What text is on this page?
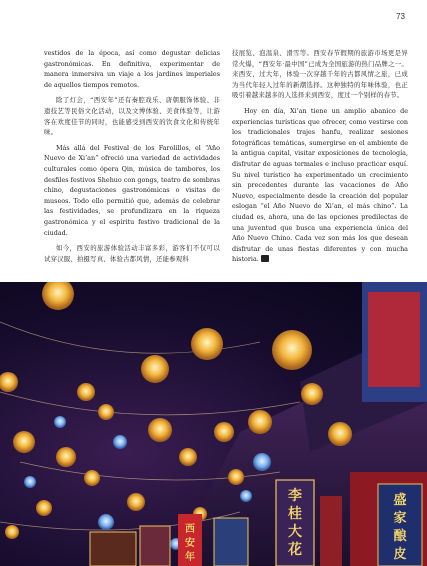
73

vestidos de la época, así como degustar delicias gastronómicas. En definitiva, experimentar de manera inmersiva un viaje a los jardines imperiales de aquellos tiempos remotos.

除了灯会，“西安年”还有秦腔戏乐、唐朝服饰体验、非遗技艺等民俗文化活动，以及文博体验、美食体验等，让游客在欢度佳节的同时，也能感受到西安的饮食文化和传统年味。

Más allá del Festival de los Farolillos, el “Año Nuevo de Xi’an” ofreció una variedad de actividades culturales como ópera Qin, música de tambores, los desfiles festivos Shehuo con gongs, teatro de sombras chino, degustaciones gastronómicas o visitas de museos. Todo ello permitió que, además de celebrar las festividades, se profundizara en la riqueza gastronómica y el espíritu festivo tradicional de la ciudad.

如今，西安的旅游体验活动丰富多彩，游客们不仅可以试穿汉服、拍摄写真、体验古都风情，还能参观科

技展览、泡温泉、滑雪等。西安春节假期的旅游市场更是异常火爆，“西安年·最中国”已成为全国旅游的热门品牌之一。来西安，过大年，体验一次穿越千年的古都风情之旅，已成为当代年轻人过年的新潮选择。这种独特的年味体验，也正吸引着越来越多的人选择来到西安，度过一个别样的春节。

Hoy en día, Xi’an tiene un amplio abanico de experiencias turísticas que ofrecer, como vestirse con los tradicionales trajes hanfu, realizar sesiones fotográficas temáticas, sumergirse en el ambiente de la antigua capital, visitar exposiciones de tecnología, disfrutar de aguas termales e incluso practicar esquí. Su nivel turístico ha experimentado un crecimiento sin precedentes durante las vacaciones de Año Nuevo, especialmente desde la creación del popular eslogan “el Año Nuevo de Xi’an, el más chino”. La ciudad es, ahora, una de las opciones predilectas de una juventud que busca una experiencia única del Año Nuevo Chino. Cada vez son más los que desean disfrutar de unas fiestas diferentes y con mucha historia.

李
桂
大
花
盛
家
酿
皮
西
安
年
